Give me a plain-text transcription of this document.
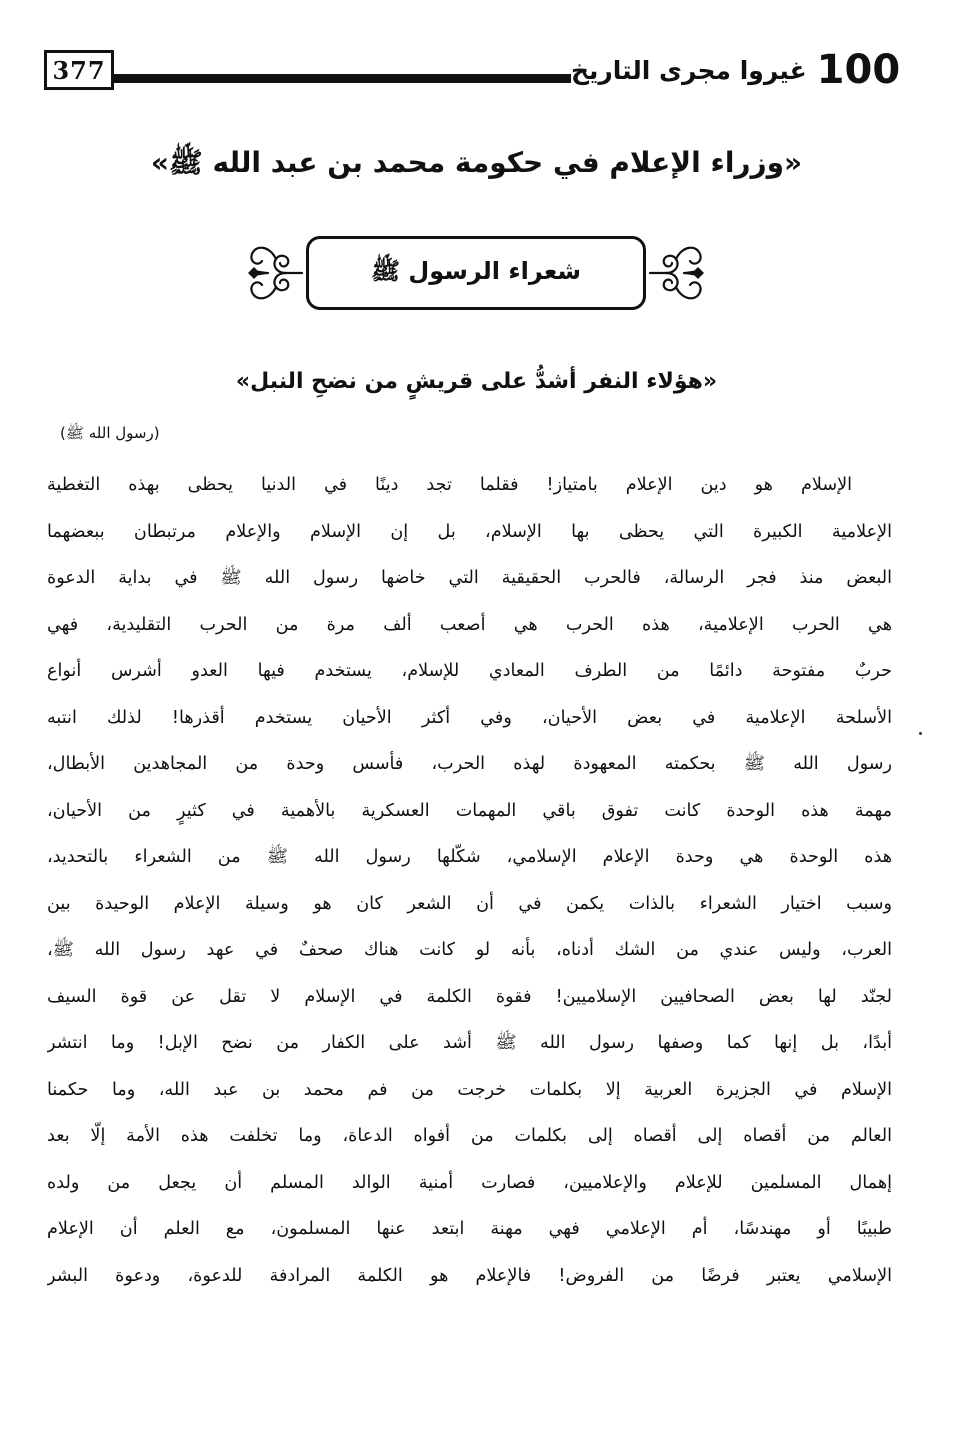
377	100
غيروا مجرى التاريخ
«وزراء الإعلام في حكومة محمد بن عبد الله ﷺ»
شعراء الرسول ﷺ
«هؤلاء النفر أشدُّ على قريشٍ من نضحِ النبل»
(رسول الله ﷺ)
الإسلام هو دين الإعلام بامتياز! فقلما تجد دينًا في الدنيا يحظى بهذه التغطية
الإعلامية الكبيرة التي يحظى بها الإسلام، بل إن الإسلام والإعلام مرتبطان ببعضهما
البعض منذ فجر الرسالة، فالحرب الحقيقية التي خاضها رسول الله ﷺ في بداية الدعوة
هي الحرب الإعلامية، هذه الحرب هي أصعب ألف مرة من الحرب التقليدية، فهي
حربٌ مفتوحة دائمًا من الطرف المعادي للإسلام، يستخدم فيها العدو أشرس أنواع
الأسلحة الإعلامية في بعض الأحيان، وفي أكثر الأحيان يستخدم أقذرها! لذلك انتبه
رسول الله ﷺ بحكمته المعهودة لهذه الحرب، فأسس وحدة من المجاهدين الأبطال،
مهمة هذه الوحدة كانت تفوق باقي المهمات العسكرية بالأهمية في كثيرٍ من الأحيان،
هذه الوحدة هي وحدة الإعلام الإسلامي، شكّلها رسول الله ﷺ من الشعراء بالتحديد،
وسبب اختيار الشعراء بالذات يكمن في أن الشعر كان هو وسيلة الإعلام الوحيدة بين
العرب، وليس عندي من الشك أدناه، بأنه لو كانت هناك صحفٌ في عهد رسول الله ﷺ،
لجنّد لها بعض الصحافيين الإسلاميين! فقوة الكلمة في الإسلام لا تقل عن قوة السيف
أبدًا، بل إنها كما وصفها رسول الله ﷺ أشد على الكفار من نضح الإبل! وما انتشر
الإسلام في الجزيرة العربية إلا بكلمات خرجت من فم محمد بن عبد الله، وما حكمنا
العالم من أقصاه إلى أقصاه إلى بكلمات من أفواه الدعاة، وما تخلفت هذه الأمة إلّا بعد
إهمال المسلمين للإعلام والإعلاميين، فصارت أمنية الوالد المسلم أن يجعل من ولده
طبيبًا أو مهندسًا، أم الإعلامي فهي مهنة ابتعد عنها المسلمون، مع العلم أن الإعلام
الإسلامي يعتبر فرضًا من الفروض! فالإعلام هو الكلمة المرادفة للدعوة، ودعوة البشر
